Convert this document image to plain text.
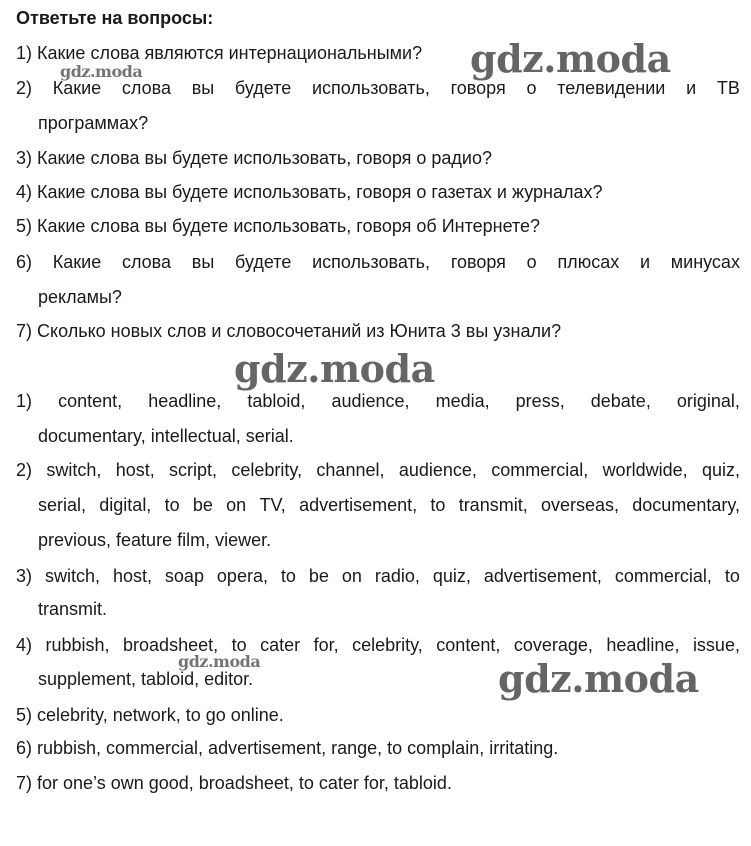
Ответьте на вопросы:
1) Какие слова являются интернациональными?
2) Какие слова вы будете использовать, говоря о телевидении и ТВ
программах?
3) Какие слова вы будете использовать, говоря о радио?
4) Какие слова вы будете использовать, говоря о газетах и журналах?
5) Какие слова вы будете использовать, говоря об Интернете?
6) Какие слова вы будете использовать, говоря о плюсах и минусах
рекламы?
7) Сколько новых слов и словосочетаний из Юнита 3 вы узнали?
1) content, headline, tabloid, audience, media, press, debate, original,
documentary, intellectual, serial.
2) switch, host, script, celebrity, channel, audience, commercial, worldwide, quiz,
serial, digital, to be on TV, advertisement, to transmit, overseas, documentary,
previous, feature film, viewer.
3) switch, host, soap opera, to be on radio, quiz, advertisement, commercial, to
transmit.
4) rubbish, broadsheet, to cater for, celebrity, content, coverage, headline, issue,
supplement, tabloid, editor.
5) celebrity, network, to go online.
6) rubbish, commercial, advertisement, range, to complain, irritating.
7) for one’s own good, broadsheet, to cater for, tabloid.
gdz.moda
gdz.moda
gdz.moda
gdz.moda	gdz.moda
